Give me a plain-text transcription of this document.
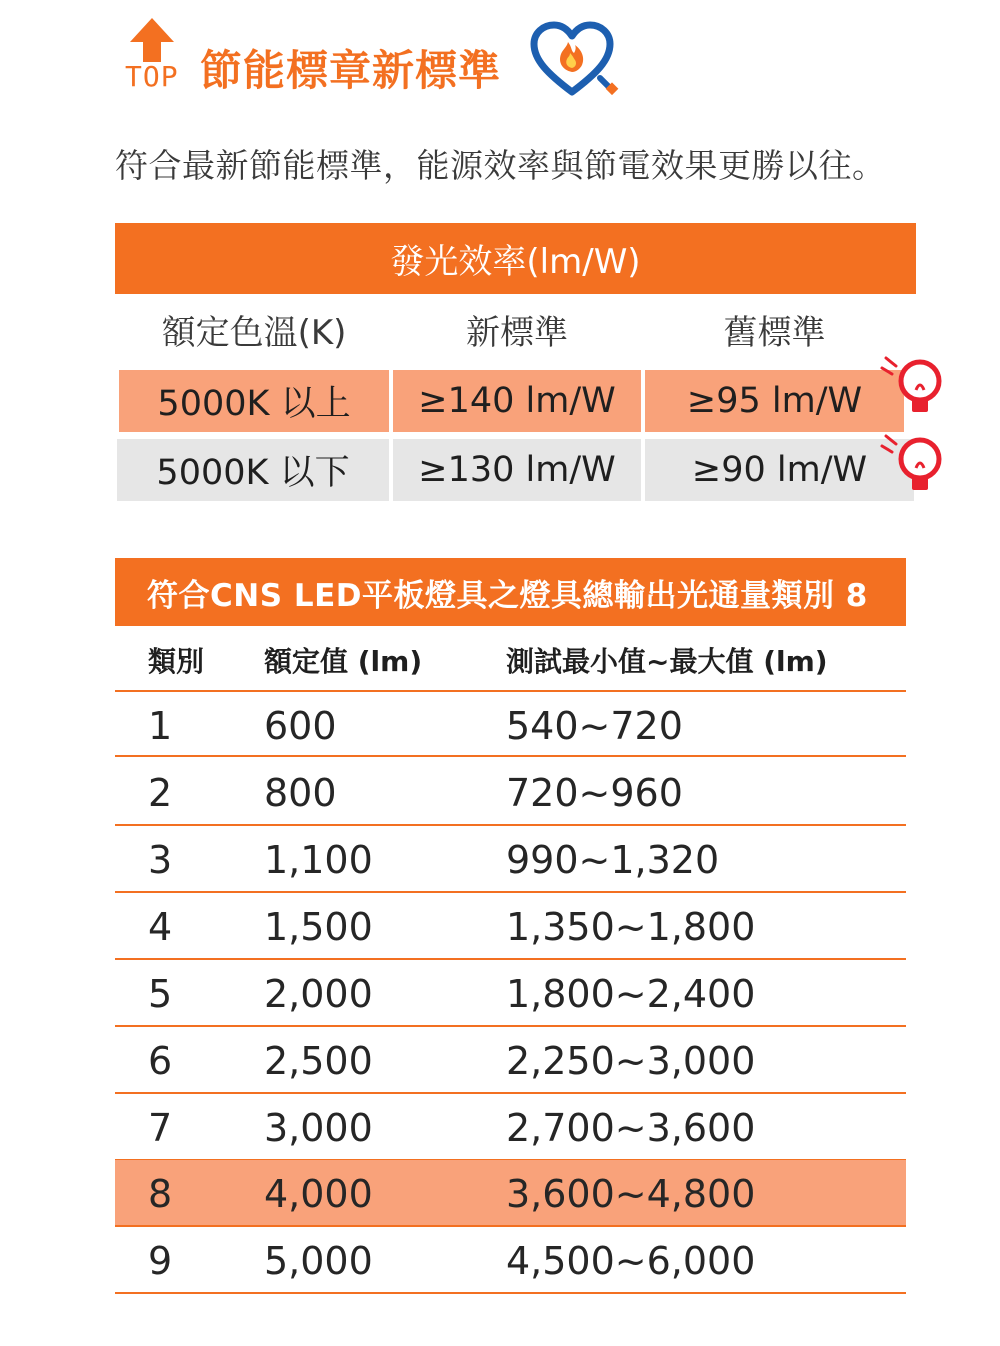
TOP 節能標章新標準
符合最新節能標準，能源效率與節電效果更勝以往。
發光效率(lm/W)
額定色溫(K)	新標準	舊標準
5000K 以上	≥140 lm/W	≥95 lm/W
5000K 以下	≥130 lm/W	≥90 lm/W
符合CNS LED平板燈具之燈具總輸出光通量類別 8
類別 額定值 (lm)	測試最小值~最大值 (lm)
1 600	540~720
2 800	720~960
3 1,100	990~1,320
4 1,500	1,350~1,800
5 2,000	1,800~2,400
6 2,500	2,250~3,000
7 3,000	2,700~3,600
8 4,000	3,600~4,800
9 5,000	4,500~6,000
